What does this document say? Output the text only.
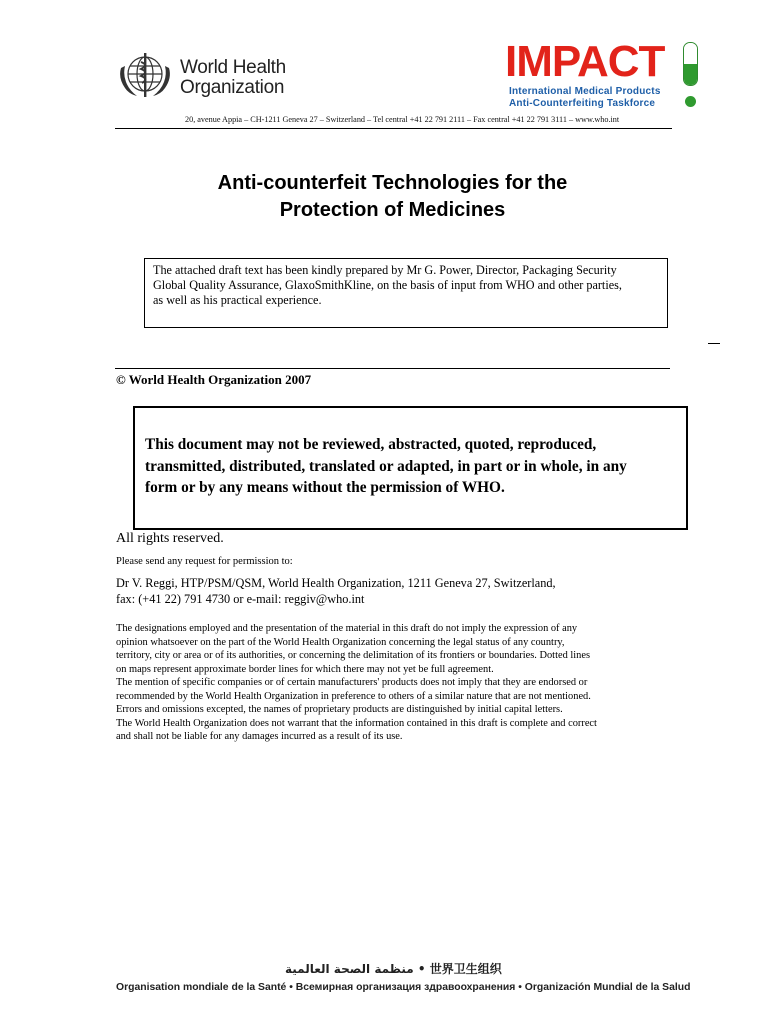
World Health
Organization
IMPACT
International Medical Products
Anti-Counterfeiting Taskforce
20, avenue Appia – CH-1211 Geneva 27 – Switzerland – Tel central +41 22 791 2111 – Fax central +41 22 791 3111 – www.who.int
Anti-counterfeit Technologies for the
Protection of Medicines
The attached draft text has been kindly prepared by Mr G. Power, Director, Packaging Security
Global Quality Assurance, GlaxoSmithKline, on the basis of input from WHO and other parties,
as well as his practical experience.
© World Health Organization 2007
This document may not be reviewed, abstracted, quoted, reproduced,
transmitted, distributed, translated or adapted, in part or in whole, in any
form or by any means without the permission of WHO.
All rights reserved.
Please send any request for permission to:
Dr V. Reggi, HTP/PSM/QSM, World Health Organization, 1211 Geneva 27, Switzerland,
fax: (+41 22) 791 4730 or e-mail: reggiv@who.int
The designations employed and the presentation of the material in this draft do not imply the expression of any
opinion whatsoever on the part of the World Health Organization concerning the legal status of any country,
territory, city or area or of its authorities, or concerning the delimitation of its frontiers or boundaries. Dotted lines
on maps represent approximate border lines for which there may not yet be full agreement.
The mention of specific companies or of certain manufacturers' products does not imply that they are endorsed or
recommended by the World Health Organization in preference to others of a similar nature that are not mentioned.
Errors and omissions excepted, the names of proprietary products are distinguished by initial capital letters.
The World Health Organization does not warrant that the information contained in this draft is complete and correct
and shall not be liable for any damages incurred as a result of its use.
منظمة الصحة العالمية • 世界卫生组织
Organisation mondiale de la Santé • Всемирная организация здравоохранения • Organización Mundial de la Salud
